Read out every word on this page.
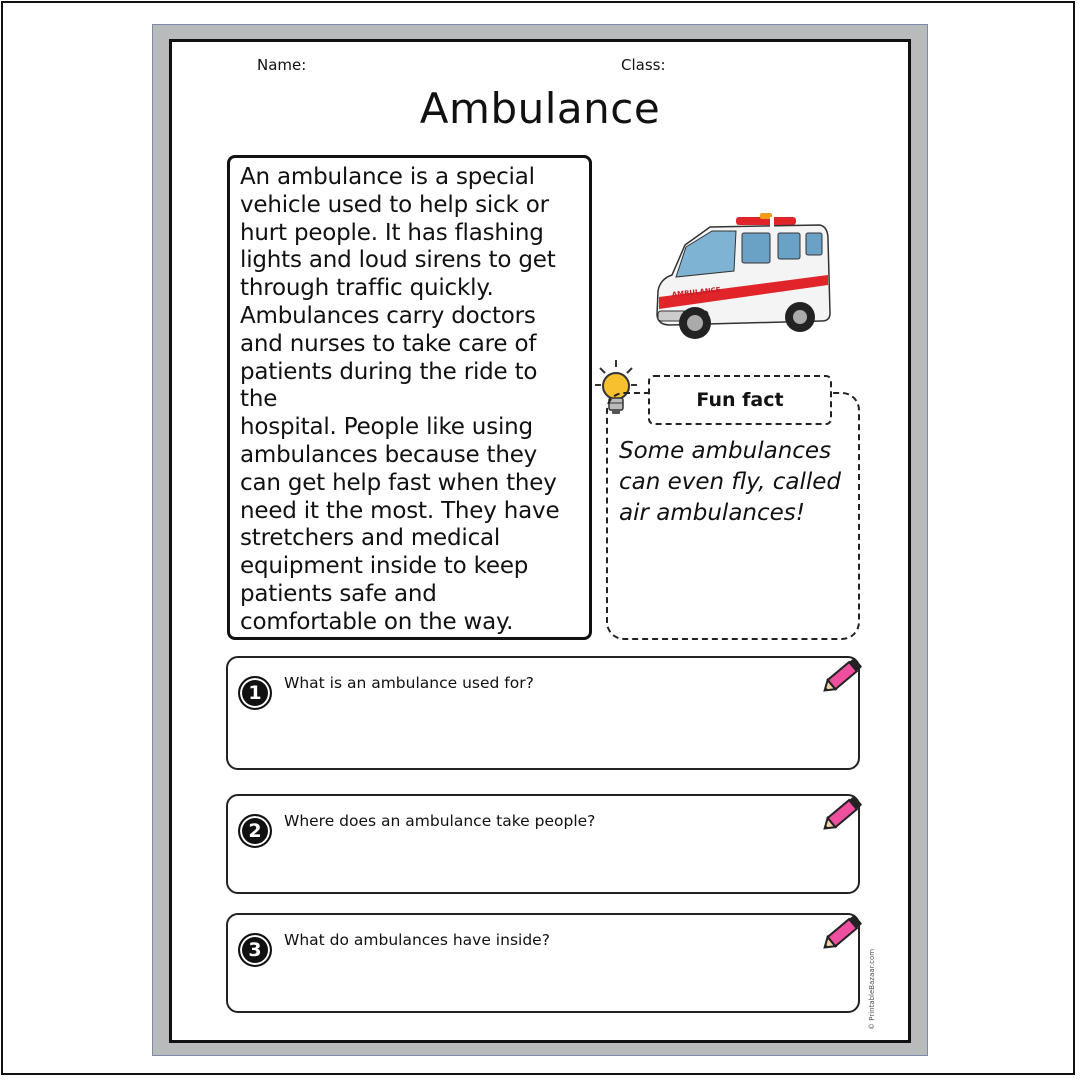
Name:	Class:
Ambulance

An ambulance is a special
vehicle used to help sick or
hurt people. It has flashing
lights and loud sirens to get
through traffic quickly.
Ambulances carry doctors
and nurses to take care of
patients during the ride to the
hospital. People like using
ambulances because they
can get help fast when they
need it the most. They have
stretchers and medical
equipment inside to keep
patients safe and
comfortable on the way.

AMBULANCE
Fun fact

Some ambulances
can even fly, called
air ambulances!

1	What is an ambulance used for?
2	Where does an ambulance take people?
3	What do ambulances have inside?
© PrintableBazaar.com
